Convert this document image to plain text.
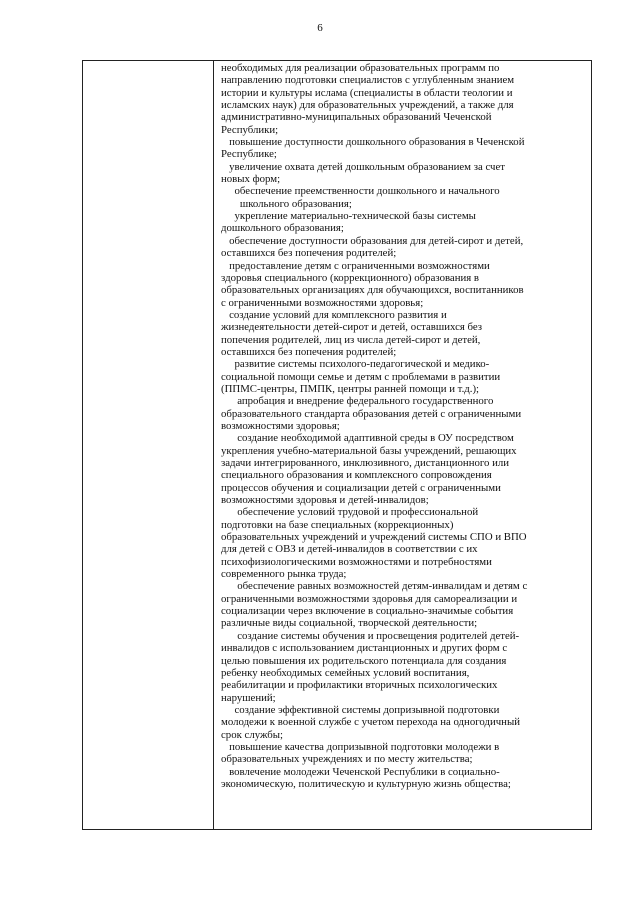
6
необходимых для реализации образовательных программ по
направлению подготовки специалистов с углубленным знанием
истории и культуры ислама (специалисты в области теологии и
исламских наук) для образовательных учреждений, а также для
административно-муниципальных образований Чеченской
Республики;
повышение доступности дошкольного образования в Чеченской
Республике;
увеличение охвата детей дошкольным образованием за счет
новых форм;
обеспечение преемственности дошкольного и начального
школьного образования;
укрепление материально-технической базы системы
дошкольного образования;
обеспечение доступности образования для детей-сирот и детей,
оставшихся без попечения родителей;
предоставление детям с ограниченными возможностями
здоровья специального (коррекционного) образования в
образовательных организациях для обучающихся, воспитанников
с ограниченными возможностями здоровья;
создание условий для комплексного развития и
жизнедеятельности детей-сирот и детей, оставшихся без
попечения родителей, лиц из числа детей-сирот и детей,
оставшихся без попечения родителей;
развитие системы психолого-педагогической и медико-
социальной помощи семье и детям с проблемами в развитии
(ППМС-центры, ПМПК, центры ранней помощи и т.д.);
апробация и внедрение федерального государственного
образовательного стандарта образования детей с ограниченными
возможностями здоровья;
создание необходимой адаптивной среды в ОУ посредством
укрепления учебно-материальной базы учреждений, решающих
задачи интегрированного, инклюзивного, дистанционного или
специального образования и комплексного сопровождения
процессов обучения и социализации детей с ограниченными
возможностями здоровья и детей-инвалидов;
обеспечение условий трудовой и профессиональной
подготовки на базе специальных (коррекционных)
образовательных учреждений и учреждений системы СПО и ВПО
для детей с ОВЗ и детей-инвалидов в соответствии с их
психофизиологическими возможностями и потребностями
современного рынка труда;
обеспечение равных возможностей детям-инвалидам и детям с
ограниченными возможностями здоровья для самореализации и
социализации через включение в социально-значимые события
различные виды социальной, творческой деятельности;
создание системы обучения и просвещения родителей детей-
инвалидов с использованием дистанционных и других форм с
целью повышения их родительского потенциала для создания
ребенку необходимых семейных условий воспитания,
реабилитации и профилактики вторичных психологических
нарушений;
создание эффективной системы допризывной подготовки
молодежи к военной службе с учетом перехода на одногодичный
срок службы;
повышение качества допризывной подготовки молодежи в
образовательных учреждениях и по месту жительства;
вовлечение молодежи Чеченской Республики в социально-
экономическую, политическую и культурную жизнь общества;
